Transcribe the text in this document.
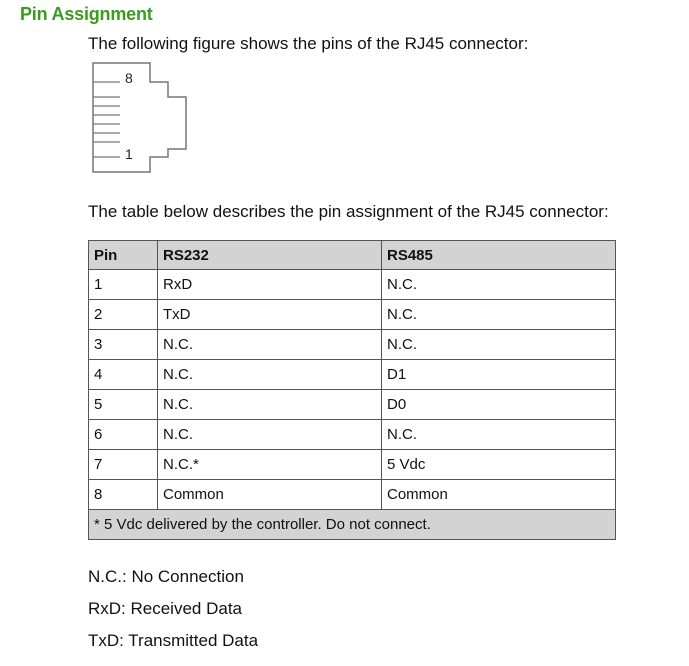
Pin Assignment

The following figure shows the pins of the RJ45 connector:

8
1

The table below describes the pin assignment of the RJ45 connector:

Pin	RS232	RS485
1	RxD	N.C.
2	TxD	N.C.
3	N.C.	N.C.
4	N.C.	D1
5	N.C.	D0
6	N.C.	N.C.
7	N.C.*	5 Vdc
8	Common	Common
* 5 Vdc delivered by the controller. Do not connect.		
N.C.: No Connection
RxD: Received Data
TxD: Transmitted Data
